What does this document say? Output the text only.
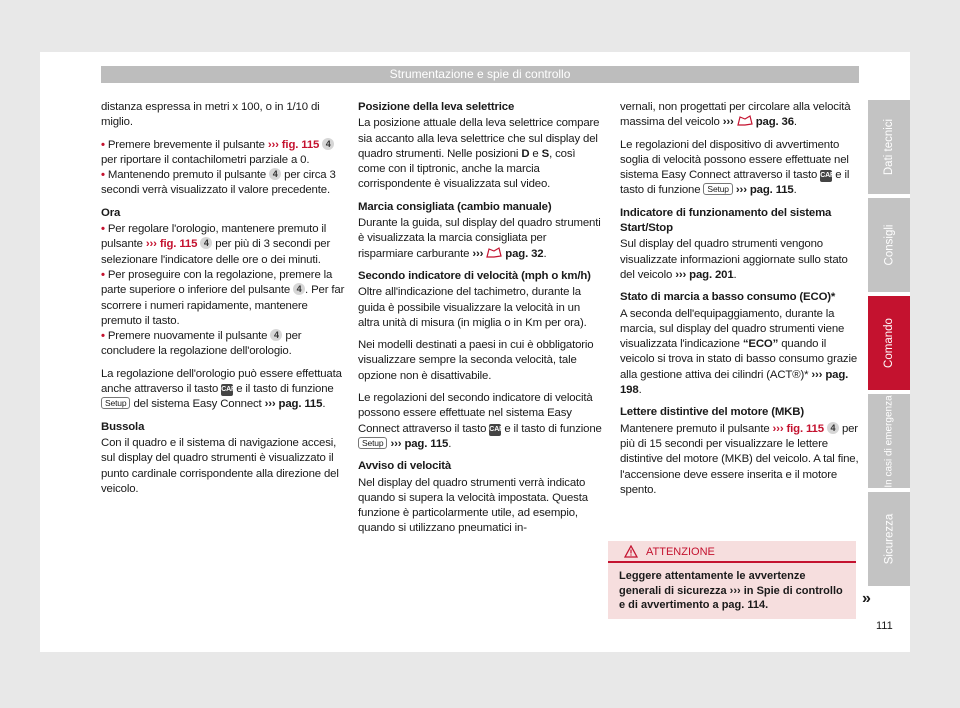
Strumentazione e spie di controllo

distanza espressa in metri x 100, o in 1/10 di miglio.

• Premere brevemente il pulsante ››› fig. 115 4 per riportare il contachilometri parziale a 0.

• Mantenendo premuto il pulsante 4 per circa 3 secondi verrà visualizzato il valore precedente.

Ora

• Per regolare l'orologio, mantenere premuto il pulsante ››› fig. 115 4 per più di 3 secondi per selezionare l'indicatore delle ore o dei minuti.

• Per proseguire con la regolazione, premere la parte superiore o inferiore del pulsante 4 . Per far scorrere i numeri rapidamente, mantenere premuto il tasto.

• Premere nuovamente il pulsante 4 per concludere la regolazione dell'orologio.

La regolazione dell'orologio può essere effettuata anche attraverso il tasto CAR e il tasto di funzione Setup del sistema Easy Connect ››› pag. 115.

Bussola

Con il quadro e il sistema di navigazione accesi, sul display del quadro strumenti è visualizzato il punto cardinale corrispondente alla direzione del veicolo.

Posizione della leva selettrice

La posizione attuale della leva selettrice compare sia accanto alla leva selettrice che sul display del quadro strumenti. Nelle posizioni D e S, così come con il tiptronic, anche la marcia corrispondente è visualizzata sul video.

Marcia consigliata (cambio manuale)

Durante la guida, sul display del quadro strumenti è visualizzata la marcia consigliata per risparmiare carburante ››› pag. 32.

Secondo indicatore di velocità (mph o km/h)

Oltre all'indicazione del tachimetro, durante la guida è possibile visualizzare la velocità in un altra unità di misura (in miglia o in Km per ora).

Nei modelli destinati a paesi in cui è obbligatorio visualizzare sempre la seconda velocità, tale opzione non è disattivabile.

Le regolazioni del secondo indicatore di velocità possono essere effettuate nel sistema Easy Connect attraverso il tasto CAR e il tasto di funzione Setup ››› pag. 115.

Avviso di velocità

Nel display del quadro strumenti verrà indicato quando si supera la velocità impostata. Questa funzione è particolarmente utile, ad esempio, quando si utilizzano pneumatici in-

vernali, non progettati per circolare alla velocità massima del veicolo ››› pag. 36.

Le regolazioni del dispositivo di avvertimento soglia di velocità possono essere effettuate nel sistema Easy Connect attraverso il tasto CAR e il tasto di funzione Setup ››› pag. 115.

Indicatore di funzionamento del sistema Start/Stop

Sul display del quadro strumenti vengono visualizzate informazioni aggiornate sullo stato del veicolo ››› pag. 201.

Stato di marcia a basso consumo (ECO)*

A seconda dell'equipaggiamento, durante la marcia, sul display del quadro strumenti viene visualizzata l'indicazione “ECO” quando il veicolo si trova in stato di basso consumo grazie alla gestione attiva dei cilindri (ACT®)* ››› pag. 198.

Lettere distintive del motore (MKB)

Mantenere premuto il pulsante ››› fig. 115 4 per più di 15 secondi per visualizzare le lettere distintive del motore (MKB) del veicolo. A tal fine, l'accensione deve essere inserita e il motore spento.

ATTENZIONE
Leggere attentamente le avvertenze generali di sicurezza ››› in Spie di controllo e di avvertimento a pag. 114.	»
111
Dati tecnici
Consigli
Comando
In casi di emergenza
Sicurezza
